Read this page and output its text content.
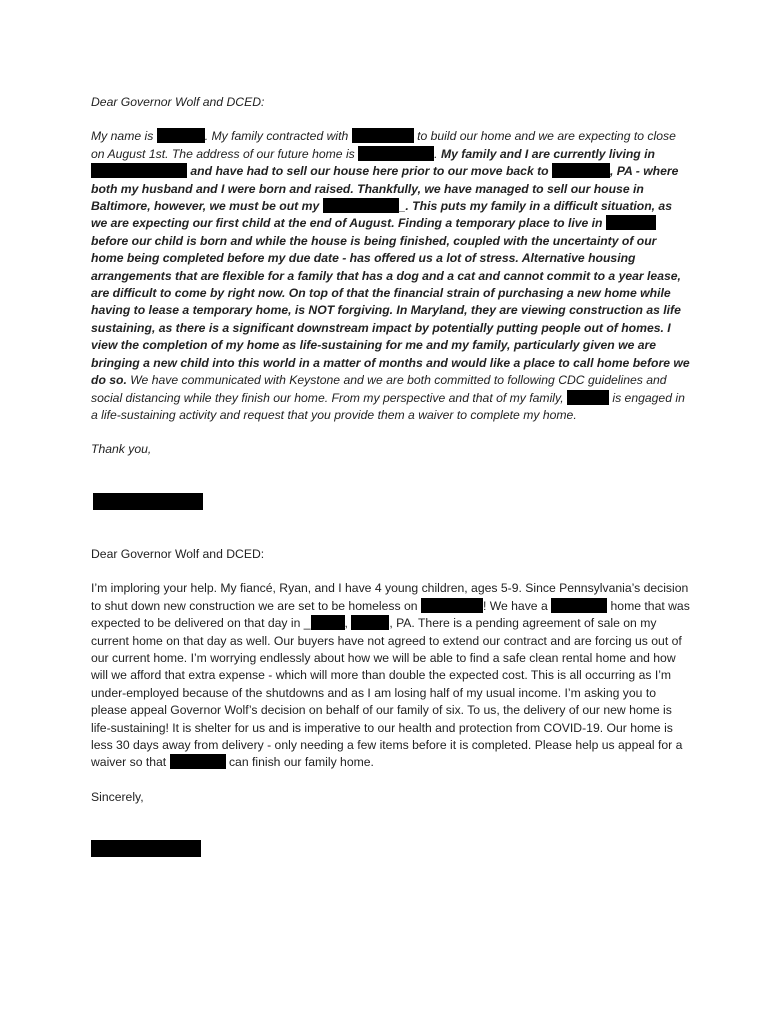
Dear Governor Wolf and DCED:

My name is	. My family contracted with	to build our home and we are expecting to close on August 1st. The address of our future home is	. My family and I are currently living in  and have had to sell our house here prior to our move back to	, PA - where both my husband and I were born and raised. Thankfully, we have managed to sell our house in Baltimore, however, we must be out my	_. This puts my family in a difficult situation, as we are expecting our first child at the end of August. Finding a temporary place to live in  before our child is born and while the house is being finished, coupled with the uncertainty of our home being completed before my due date - has offered us a lot of stress. Alternative housing arrangements that are flexible for a family that has a dog and a cat and cannot commit to a year lease, are difficult to come by right now. On top of that the financial strain of purchasing a new home while having to lease a temporary home, is NOT forgiving. In Maryland, they are viewing construction as life sustaining, as there is a significant downstream impact by potentially putting people out of homes. I view the completion of my home as life-sustaining for me and my family, particularly given we are bringing a new child into this world in a matter of months and would like a place to call home before we do so. We have communicated with Keystone and we are both committed to following CDC guidelines and social distancing while they finish our home. From my perspective and that of my family,	is engaged in a life-sustaining activity and request that you provide them a waiver to complete my home.

Thank you,

Dear Governor Wolf and DCED:

I’m imploring your help. My fiancé, Ryan, and I have 4 young children, ages 5-9. Since Pennsylvania’s decision to shut down new construction we are set to be homeless on	! We have a	home that was expected to be delivered on that day in _	,	, PA. There is a pending agreement of sale on my current home on that day as well. Our buyers have not agreed to extend our contract and are forcing us out of our current home. I’m worrying endlessly about how we will be able to find a safe clean rental home and how will we afford that extra expense - which will more than double the expected cost. This is all occurring as I’m under-employed because of the shutdowns and as I am losing half of my usual income. I’m asking you to please appeal Governor Wolf’s decision on behalf of our family of six. To us, the delivery of our new home is life-sustaining! It is shelter for us and is imperative to our health and protection from COVID-19. Our home is less 30 days away from delivery - only needing a few items before it is completed. Please help us appeal for a waiver so that	can finish our family home.

Sincerely,
